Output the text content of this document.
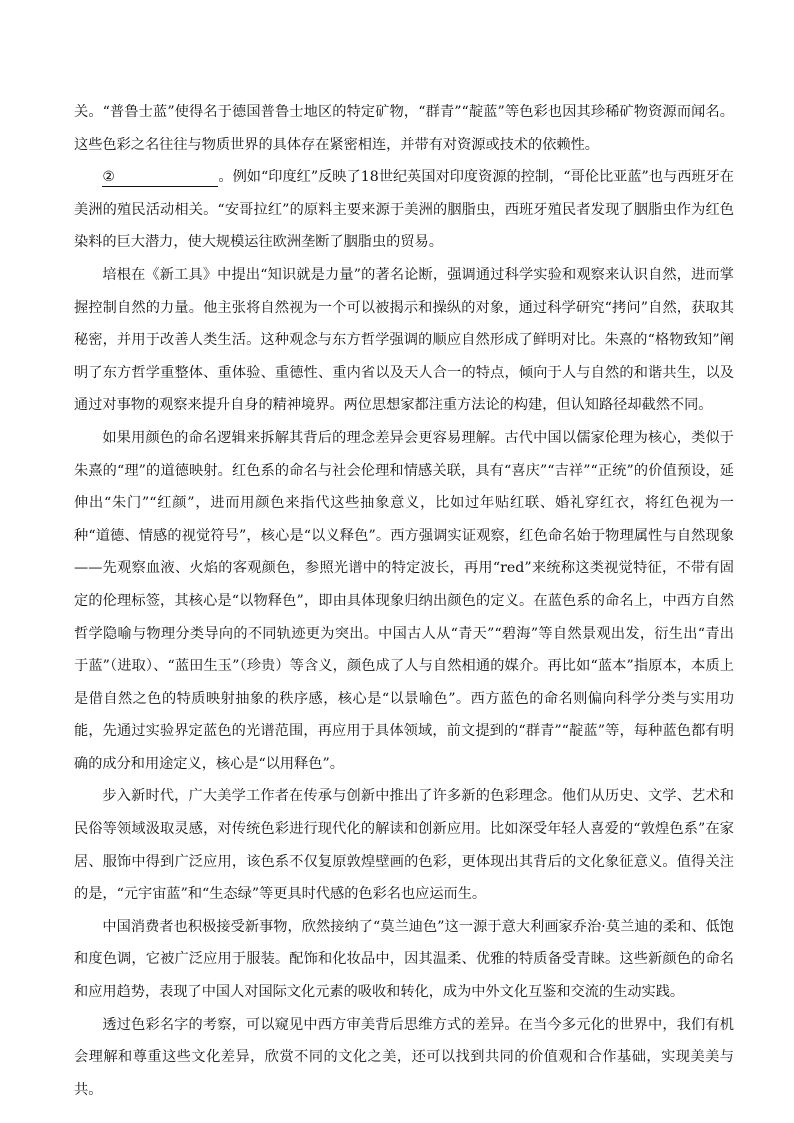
关。“普鲁士蓝”使得名于德国普鲁士地区的特定矿物，“群青”“靛蓝”等色彩也因其珍稀矿物资源而闻名。这些色彩之名往往与物质世界的具体存在紧密相连，并带有对资源或技术的依赖性。

②	。例如“印度红”反映了18世纪英国对印度资源的控制，“哥伦比亚蓝”也与西班牙在美洲的殖民活动相关。“安哥拉红”的原料主要来源于美洲的胭脂虫，西班牙殖民者发现了胭脂虫作为红色染料的巨大潜力，使大规模运往欧洲垄断了胭脂虫的贸易。

培根在《新工具》中提出“知识就是力量”的著名论断，强调通过科学实验和观察来认识自然，进而掌握控制自然的力量。他主张将自然视为一个可以被揭示和操纵的对象，通过科学研究“拷问”自然，获取其秘密，并用于改善人类生活。这种观念与东方哲学强调的顺应自然形成了鲜明对比。朱熹的“格物致知”阐明了东方哲学重整体、重体验、重德性、重内省以及天人合一的特点，倾向于人与自然的和谐共生，以及通过对事物的观察来提升自身的精神境界。两位思想家都注重方法论的构建，但认知路径却截然不同。

如果用颜色的命名逻辑来拆解其背后的理念差异会更容易理解。古代中国以儒家伦理为核心，类似于朱熹的“理”的道德映射。红色系的命名与社会伦理和情感关联，具有“喜庆”“吉祥”“正统”的价值预设，延伸出“朱门”“红颜”，进而用颜色来指代这些抽象意义，比如过年贴红联、婚礼穿红衣，将红色视为一种“道德、情感的视觉符号”，核心是“以义释色”。西方强调实证观察，红色命名始于物理属性与自然现象——先观察血液、火焰的客观颜色，参照光谱中的特定波长，再用“red”来统称这类视觉特征，不带有固定的伦理标签，其核心是“以物释色”，即由具体现象归纳出颜色的定义。在蓝色系的命名上，中西方自然哲学隐喻与物理分类导向的不同轨迹更为突出。中国古人从“青天”“碧海”等自然景观出发，衍生出“青出于蓝”（进取）、“蓝田生玉”（珍贵）等含义，颜色成了人与自然相通的媒介。再比如“蓝本”指原本，本质上是借自然之色的特质映射抽象的秩序感，核心是“以景喻色”。西方蓝色的命名则偏向科学分类与实用功能，先通过实验界定蓝色的光谱范围，再应用于具体领域，前文提到的“群青”“靛蓝”等，每种蓝色都有明确的成分和用途定义，核心是“以用释色”。

步入新时代，广大美学工作者在传承与创新中推出了许多新的色彩理念。他们从历史、文学、艺术和民俗等领域汲取灵感，对传统色彩进行现代化的解读和创新应用。比如深受年轻人喜爱的“敦煌色系”在家居、服饰中得到广泛应用，该色系不仅复原敦煌壁画的色彩，更体现出其背后的文化象征意义。值得关注的是，“元宇宙蓝”和“生态绿”等更具时代感的色彩名也应运而生。

中国消费者也积极接受新事物，欣然接纳了“莫兰迪色”这一源于意大利画家乔治·莫兰迪的柔和、低饱和度色调，它被广泛应用于服装。配饰和化妆品中，因其温柔、优雅的特质备受青睐。这些新颜色的命名和应用趋势，表现了中国人对国际文化元素的吸收和转化，成为中外文化互鉴和交流的生动实践。

透过色彩名字的考察，可以窥见中西方审美背后思维方式的差异。在当今多元化的世界中，我们有机会理解和尊重这些文化差异，欣赏不同的文化之美，还可以找到共同的价值观和合作基础，实现美美与共。
